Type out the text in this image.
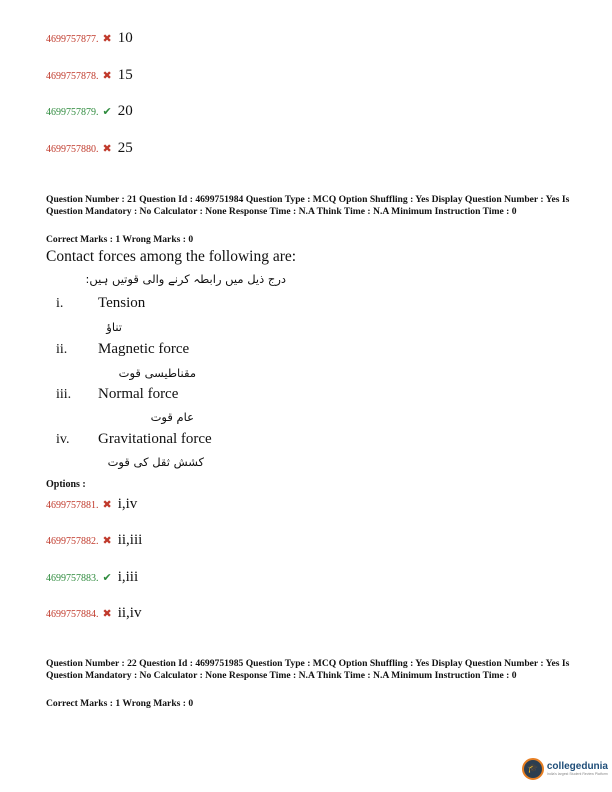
4699757877. ✖ 10
4699757878. ✖ 15
4699757879. ✔ 20
4699757880. ✖ 25
Question Number : 21 Question Id : 4699751984 Question Type : MCQ Option Shuffling : Yes Display Question Number : Yes Is Question Mandatory : No Calculator : None Response Time : N.A Think Time : N.A Minimum Instruction Time : 0
Correct Marks : 1 Wrong Marks : 0
Contact forces among the following are:
درج ذیل میں رابطہ کرنے والی قوتیں ہیں:
i. Tension
تناؤ
ii. Magnetic force
مقناطیسی قوت
iii. Normal force
عام قوت
iv. Gravitational force
کشش ثقل کی قوت
Options :
4699757881. ✖ i,iv
4699757882. ✖ ii,iii
4699757883. ✔ i,iii
4699757884. ✖ ii,iv
Question Number : 22 Question Id : 4699751985 Question Type : MCQ Option Shuffling : Yes Display Question Number : Yes Is Question Mandatory : No Calculator : None Response Time : N.A Think Time : N.A Minimum Instruction Time : 0
Correct Marks : 1 Wrong Marks : 0
🎓 collegedunia
India's largest Student Review Platform
